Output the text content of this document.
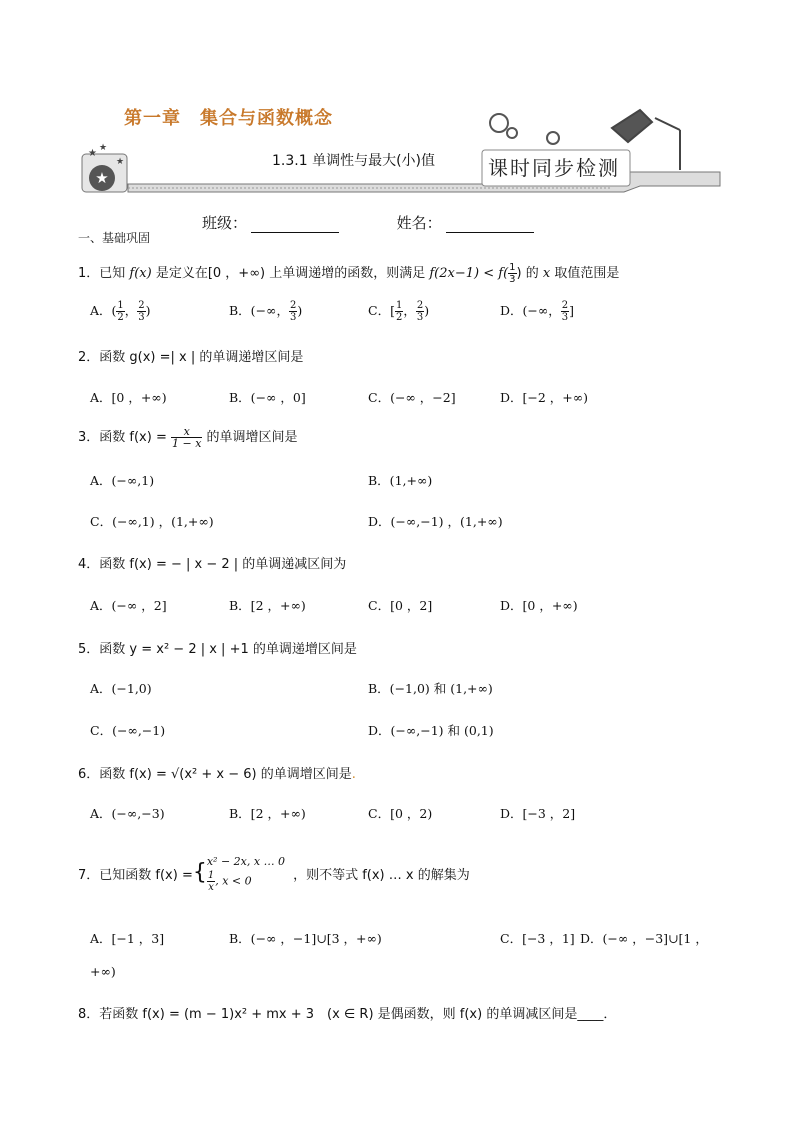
★
★ ★
★
第一章　集合与函数概念
1.3.1 单调性与最大(小)值	课时同步检测
班级：	姓名：
一、基础巩固
1．已知 f(x) 是定义在[0 ，+∞) 上单调递增的函数，则满足 $f(2x-1) < f( \frac{1}{3}$ ) 的 x 取值范围是
A．( $\frac{1}{2}$ ， $\frac{2}{3}$ )	B．(−∞， $\frac{2}{3}$ )	C．[ $\frac{1}{2}$ ， $\frac{2}{3}$ )	D．(−∞， $\frac{2}{3}$ ]
2．函数 g(x) =| x | 的单调递增区间是
A．[0 ，+∞)	B．(−∞ ，0]	C．(−∞ ，−2]	D．[−2 ，+∞)
3．函数 $f(x) = \frac{x}{1 - x}$ 的单调增区间是
A．(−∞,1)	B．(1,+∞)
C．(−∞,1) ，(1,+∞)	D．(−∞,−1) ，(1,+∞)
4．函数 f(x) = − | x − 2 | 的单调递减区间为
A．(−∞ ，2]	B．[2 ，+∞)	C．[0 ，2]	D．[0 ，+∞)
5．函数 y = x² − 2 | x | +1 的单调递增区间是
A．(−1,0)	B．(−1,0) 和 (1,+∞)
C．(−∞,−1)	D．(−∞,−1) 和 (0,1)
6．函数 f(x) = √(x² + x − 6) 的单调增区间是.
A．(−∞,−3)	B．[2 ，+∞)	C．[0 ，2)	D．[−3 ，2]
7．已知函数 f(x) ={ x² − 2x, x … 0
$\frac{1}{x}$ , x < 0	，则不等式 f(x) … x 的解集为
A．[−1 ，3]	B．(−∞ ，−1]∪[3 ，+∞)	C．[−3 ，1] D．(−∞ ，−3]∪[1 ，
+∞)
8．若函数 f(x) = (m − 1)x² + mx + 3　(x ∈ R) 是偶函数，则 f(x) 的单调减区间是____．
